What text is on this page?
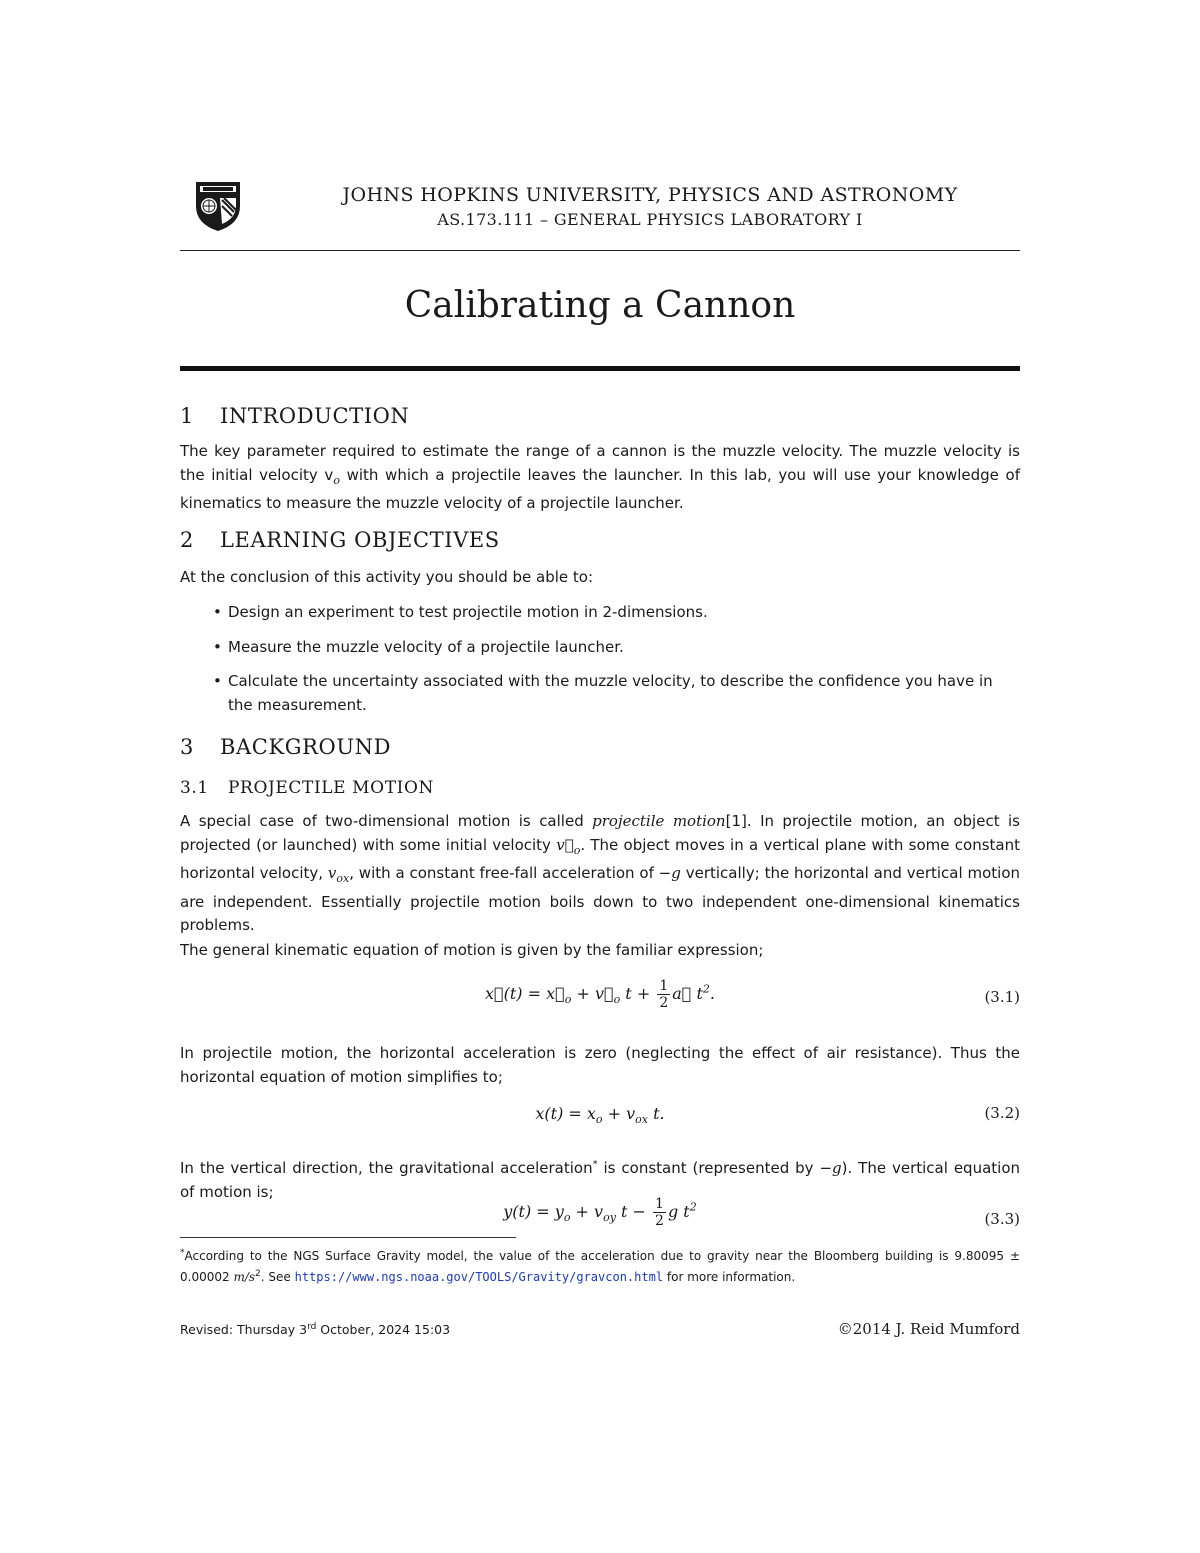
JOHNS HOPKINS UNIVERSITY, PHYSICS AND ASTRONOMY
AS.173.111 – GENERAL PHYSICS LABORATORY I
Calibrating a Cannon
1 INTRODUCTION
The key parameter required to estimate the range of a cannon is the muzzle velocity. The muzzle velocity is the initial velocity $v_o$ with which a projectile leaves the launcher. In this lab, you will use your knowledge of kinematics to measure the muzzle velocity of a projectile launcher.
2 LEARNING OBJECTIVES
At the conclusion of this activity you should be able to:
• Design an experiment to test projectile motion in 2-dimensions.
• Measure the muzzle velocity of a projectile launcher.
• Calculate the uncertainty associated with the muzzle velocity, to describe the confidence you have in the measurement.
3 BACKGROUND
3.1 PROJECTILE MOTION
A special case of two-dimensional motion is called projectile motion[1]. In projectile motion, an object is projected (or launched) with some initial velocity $v⃗_o$. The object moves in a vertical plane with some constant horizontal velocity, $v_{ox}$, with a constant free-fall acceleration of −g vertically; the horizontal and vertical motion are independent. Essentially projectile motion boils down to two independent one-dimensional kinematics problems.
The general kinematic equation of motion is given by the familiar expression;
x⃗(t) = $x⃗_o$ + $v⃗_o$ $t + \frac{1}{2}$ a⃗ $t^2$.	(3.1)
In projectile motion, the horizontal acceleration is zero (neglecting the effect of air resistance). Thus the horizontal equation of motion simplifies to;
$x(t) = x_o + v_{ox}$ t.	(3.2)
In the vertical direction, the gravitational acceleration* is constant (represented by −g). The vertical equation of motion is;
$y(t) = y_o + v_{oy}$ $t - \frac{1}{2}$ g $t^2$
(3.3)
*According to the NGS Surface Gravity model, the value of the acceleration due to gravity near the Bloomberg building is 9.80095 ± 0.00002 $m/s^2$. See https://www.ngs.noaa.gov/TOOLS/Gravity/gravcon.html for more information.
Revised: Thursday 3rd October, 2024 15:03	©2014 J. Reid Mumford
